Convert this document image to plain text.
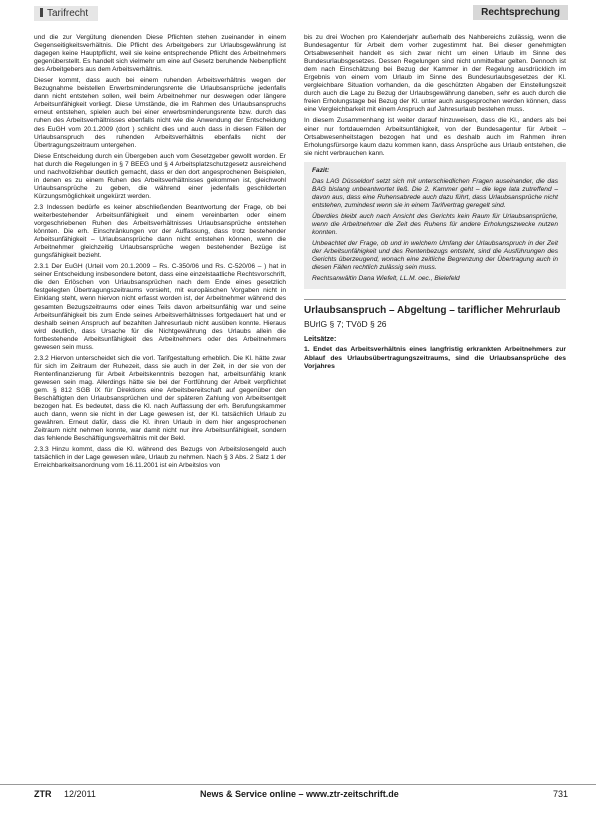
Tarifrecht	Rechtsprechung

und die zur Vergütung dienenden Diese Pflichten stehen zueinander in einem Gegenseitigkeitsverhältnis. Die Pflicht des Arbeitgebers zur Urlaubsgewährung ist dagegen keine Hauptpflicht, weil sie keine entsprechende Pflicht des Arbeitnehmers gegenüberstellt. Es handelt sich vielmehr um eine auf Gesetz beruhende Nebenpflicht des Arbeitgebers aus dem Arbeitsverhältnis.

Dieser kommt, dass auch bei einem ruhenden Arbeitsverhältnis wegen der Bezugnahme beistellen Erwerbsminderungsrente die Urlaubsansprüche jedenfalls dann nicht entstehen sollen, weil beim Arbeitnehmer nur deswegen oder längere Arbeitsunfähigkeit vorliegt. Diese Umstände, die im Rahmen des Urlaubsanspruchs erneut entstehen, spielen auch bei einer erwerbsminderungsrente bzw. durch das ruhen des Arbeitsverhältnisses ebenfalls nicht wie die Anwendung der Entscheidung des EuGH vom 20.1.2009 (dort ) schlicht dies und auch dass in diesen Fällen der Urlaubsanspruch des ruhenden Arbeitsverhältnis ebenfalls nicht der Übertragungszeitraum untergehen.

Diese Entscheidung durch ein Übergeben auch vom Gesetzgeber gewollt worden. Er hat durch die Regelungen in § 7 BEEG und § 4 Arbeitsplatzschutzgesetz ausreichend und nachvollziehbar deutlich gemacht, dass er den dort angesprochenen Beispielen, in denen es zu einem Ruhen des Arbeitsverhältnisses gekommen ist, gleichwohl Urlaubsansprüche zu geben, die während einer jedenfalls geschilderten Kürzungsmöglichkeit ungekürzt werden.

2.3 Indessen bedürfe es keiner abschließenden Beantwortung der Frage, ob bei weiterbestehender Arbeitsunfähigkeit und einem vereinbarten oder einem vorgeschriebenen Ruhen des Arbeitsverhältnisses Urlaubsansprüche entstehen könnten. Die erh. Einschränkungen vor der Auffassung, dass trotz bestehender Arbeitsunfähigkeit – Urlaubsansprüche dann nicht entstehen können, wenn die Arbeitnehmer gleichzeitig Urlaubsansprüche wegen bestehender Bezüge ist gungsfähigkeit bezieht.

2.3.1 Der EuGH (Urteil vom 20.1.2009 – Rs. C-350/06 und Rs. C-520/06 – ) hat in seiner Entscheidung insbesondere betont, dass eine einzelstaatliche Rechtsvorschrift, die den Erlöschen von Urlaubsansprüchen nach dem Ende eines gesetzlich festgelegten Übertragungszeitraums vorsieht, mit europäischen Vorgaben nicht in Einklang steht, wenn hiervon nicht erfasst worden ist, der Arbeitnehmer während des gesamten Bezugszeitraums oder eines Teils davon arbeitsunfähig war und seine Arbeitsunfähigkeit bis zum Ende seines Arbeitsverhältnisses fortgedauert hat und er deshalb seinen Anspruch auf bezahlten Jahresurlaub nicht ausüben konnte. Hieraus wird deutlich, dass Ursache für die Nichtgewährung des Urlaubs allein die fortbestehende Arbeitsunfähigkeit des Arbeitnehmers oder des Arbeitnehmers gewesen sein muss.

2.3.2 Hiervon unterscheidet sich die vorl. Tarifgestaltung erheblich. Die Kl. hätte zwar für sich im Zeitraum der Ruhezeit, dass sie auch in der Zeit, in der sie von der Rentenfinanzierung für Arbeit Arbeitskenntnis bezogen hat, arbeitsunfähig krank gewesen sein mag. Allerdings hätte sie bei der Fortführung der Arbeit verpflichtet gem. § 812 SGB IX für Direktions eine Arbeitsbereitschaft auf gegenüber den Beschäftigten den Urlaubsansprüchen und der späteren Zahlung von Arbeitsentgelt bezogen hat. Es bedeutet, dass die Kl. nach Auffassung der erh. Berufungskammer auch dann, wenn sie nicht in der Lage gewesen ist, der Kl. tatsächlich Urlaub zu gewähren. Erneut dafür, dass die Kl. ihren Urlaub in dem hier angesprochenen Zeitraum nicht nehmen konnte, war damit nicht nur ihre Arbeitsunfähigkeit, sondern das fehlende Beschäftigungsverhältnis mit der Bekl.

2.3.3 Hinzu kommt, dass die Kl. während des Bezugs von Arbeitslosengeld auch tatsächlich in der Lage gewesen wäre, Urlaub zu nehmen. Nach § 3 Abs. 2 Satz 1 der Erreichbarkeitsanordnung vom 16.11.2001 ist ein Arbeitslos von

bis zu drei Wochen pro Kalenderjahr außerhalb des Nahbereichs zulässig, wenn die Bundesagentur für Arbeit dem vorher zugestimmt hat. Bei dieser genehmigten Ortsabwesenheit handelt es sich zwar nicht um einen Urlaub im Sinne des Bundesurlaubsgesetzes. Dessen Regelungen sind nicht unmittelbar gelten. Dennoch ist dem nach Einschätzung bei Bezug der Kammer in der Regelung ausdrücklich im Ergebnis von einem vom Urlaub im Sinne des Bundesurlaubsgesetzes der Kl. vergleichbare Situation vorhanden, da die geschützten Abgaben der Einstellungszeit durch auch die Lage zu Bezug der Urlaubsgewährung daneben, sehr es auch durch die freien Erholungstage bei Bezug der Kl. unter auch ausgesprochen werden können, dass eine Vergleichbarkeit mit einem Anspruch auf Jahresurlaub bestehen muss.

In diesem Zusammenhang ist weiter darauf hinzuweisen, dass die Kl., anders als bei einer nur fortdauernden Arbeitsunfähigkeit, von der Bundesagentur für Arbeit – Ortsabwesenheitstagen bezogen hat und es deshalb auch im Rahmen ihren Erholungsfürsorge kaum dazu kommen kann, dass Ansprüche aus Urlaub entstehen, die sie nicht verbrauchen kann.

Fazit:

Das LAG Düsseldorf setzt sich mit unterschiedlichen Fragen auseinander, die das BAG bislang unbeantwortet ließ. Die 2. Kammer geht – die lege lata zutreffend – davon aus, dass eine Ruhensabrede auch dazu führt, dass Urlaubsansprüche nicht entstehen, zumindest wenn sie in einem Tarifvertrag geregelt sind.

Überdies bleibt auch nach Ansicht des Gerichts kein Raum für Urlaubsansprüche, wenn die Arbeitnehmer die Zeit des Ruhens für andere Erholungszwecke nutzen konnten.

Unbeachtet der Frage, ob und in welchem Umfang der Urlaubsanspruch in der Zeit der Arbeitsunfähigkeit und des Rentenbezugs entsteht, sind die Ausführungen des Gerichts überzeugend, wonach eine zeitliche Begrenzung der Übertragung auch in diesen Fällen rechtlich zulässig sein muss.

Rechtsanwältin Dana Wiefelt, LL.M. oec., Bielefeld
Urlaubsanspruch – Abgeltung – tariflicher Mehrurlaub
BUrlG § 7; TVöD § 26
Leitsätze:
1. Endet das Arbeitsverhältnis eines langfristig erkrankten Arbeitnehmers zur Ablauf des Urlaubsübertragungszeitraums, sind die Urlaubsansprüche des Vorjahres
ZTR 12/2011	News & Service online – www.ztr-zeitschrift.de	731
